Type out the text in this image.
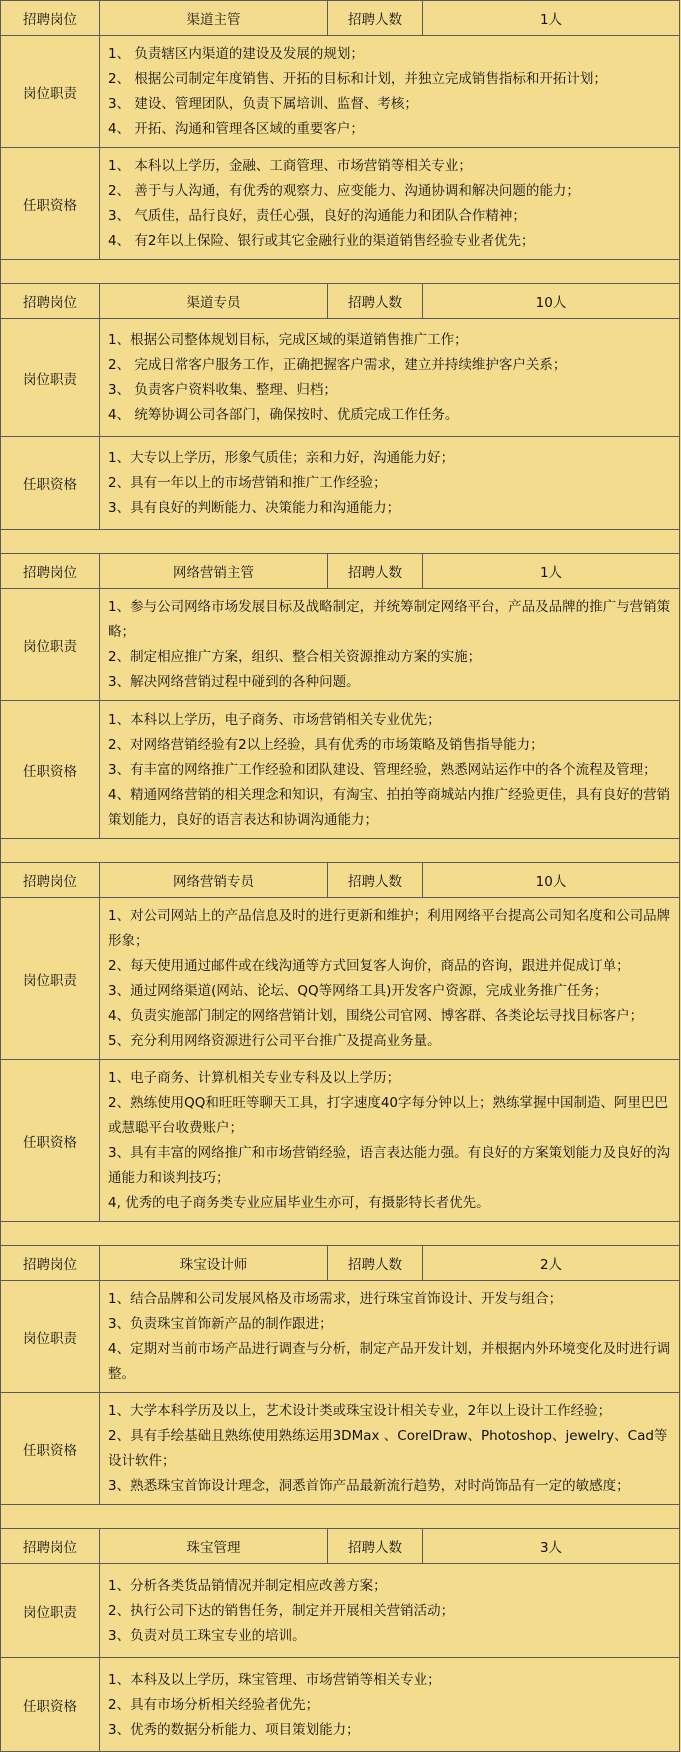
招聘岗位	渠道主管	招聘人数	1人
岗位职责	1、 负责辖区内渠道的建设及发展的规划；
2、 根据公司制定年度销售、开拓的目标和计划，并独立完成销售指标和开拓计划；
3、 建设、管理团队，负责下属培训、监督、考核；
4、 开拓、沟通和管理各区域的重要客户；		

任职资格	1、 本科以上学历，金融、工商管理、市场营销等相关专业；
2、 善于与人沟通，有优秀的观察力、应变能力、沟通协调和解决问题的能力；
3、 气质佳，品行良好，责任心强，良好的沟通能力和团队合作精神；
4、 有2年以上保险、银行或其它金融行业的渠道销售经验专业者优先；		

招聘岗位	渠道专员	招聘人数	10人
岗位职责	1、根据公司整体规划目标，完成区域的渠道销售推广工作；
2、 完成日常客户服务工作，正确把握客户需求，建立并持续维护客户关系；
3、 负责客户资料收集、整理、归档；
4、 统筹协调公司各部门，确保按时、优质完成工作任务。		

任职资格	1、大专以上学历，形象气质佳；亲和力好，沟通能力好；
2、具有一年以上的市场营销和推广工作经验；
3、具有良好的判断能力、决策能力和沟通能力；		

招聘岗位	网络营销主管	招聘人数	1人
岗位职责	1、参与公司网络市场发展目标及战略制定，并统筹制定网络平台，产品及品牌的推广与营销策略；
2、制定相应推广方案，组织、整合相关资源推动方案的实施；
3、解决网络营销过程中碰到的各种问题。		

任职资格	1、本科以上学历，电子商务、市场营销相关专业优先；
2、对网络营销经验有2以上经验，具有优秀的市场策略及销售指导能力；
3、有丰富的网络推广工作经验和团队建设、管理经验，熟悉网站运作中的各个流程及管理；
4、精通网络营销的相关理念和知识，有淘宝、拍拍等商城站内推广经验更佳，具有良好的营销策划能力，良好的语言表达和协调沟通能力；		

招聘岗位	网络营销专员	招聘人数	10人
岗位职责	1、对公司网站上的产品信息及时的进行更新和维护；利用网络平台提高公司知名度和公司品牌形象；
2、每天使用通过邮件或在线沟通等方式回复客人询价，商品的咨询，跟进并促成订单；
3、通过网络渠道(网站、论坛、QQ等网络工具)开发客户资源，完成业务推广任务；
4、负责实施部门制定的网络营销计划，围绕公司官网、博客群、各类论坛寻找目标客户；
5、充分利用网络资源进行公司平台推广及提高业务量。		

任职资格	1、电子商务、计算机相关专业专科及以上学历；
2、熟练使用QQ和旺旺等聊天工具，打字速度40字每分钟以上；熟练掌握中国制造、阿里巴巴或慧聪平台收费账户；
3、具有丰富的网络推广和市场营销经验，语言表达能力强。有良好的方案策划能力及良好的沟通能力和谈判技巧；
4, 优秀的电子商务类专业应届毕业生亦可，有摄影特长者优先。		

招聘岗位	珠宝设计师	招聘人数	2人
岗位职责	1、结合品牌和公司发展风格及市场需求，进行珠宝首饰设计、开发与组合；
3、负责珠宝首饰新产品的制作跟进；
4、定期对当前市场产品进行调查与分析，制定产品开发计划，并根据内外环境变化及时进行调整。		

任职资格	1、大学本科学历及以上，艺术设计类或珠宝设计相关专业，2年以上设计工作经验；
2、具有手绘基础且熟练使用熟练运用3DMax 、CorelDraw、Photoshop、jewelry、Cad等设计软件；
3、熟悉珠宝首饰设计理念，洞悉首饰产品最新流行趋势，对时尚饰品有一定的敏感度；		

招聘岗位	珠宝管理	招聘人数	3人
岗位职责	1、分析各类货品销情况并制定相应改善方案；
2、执行公司下达的销售任务，制定并开展相关营销活动；
3、负责对员工珠宝专业的培训。		

任职资格	1、本科及以上学历，珠宝管理、市场营销等相关专业；
2、具有市场分析相关经验者优先；
3、优秀的数据分析能力、项目策划能力；		
